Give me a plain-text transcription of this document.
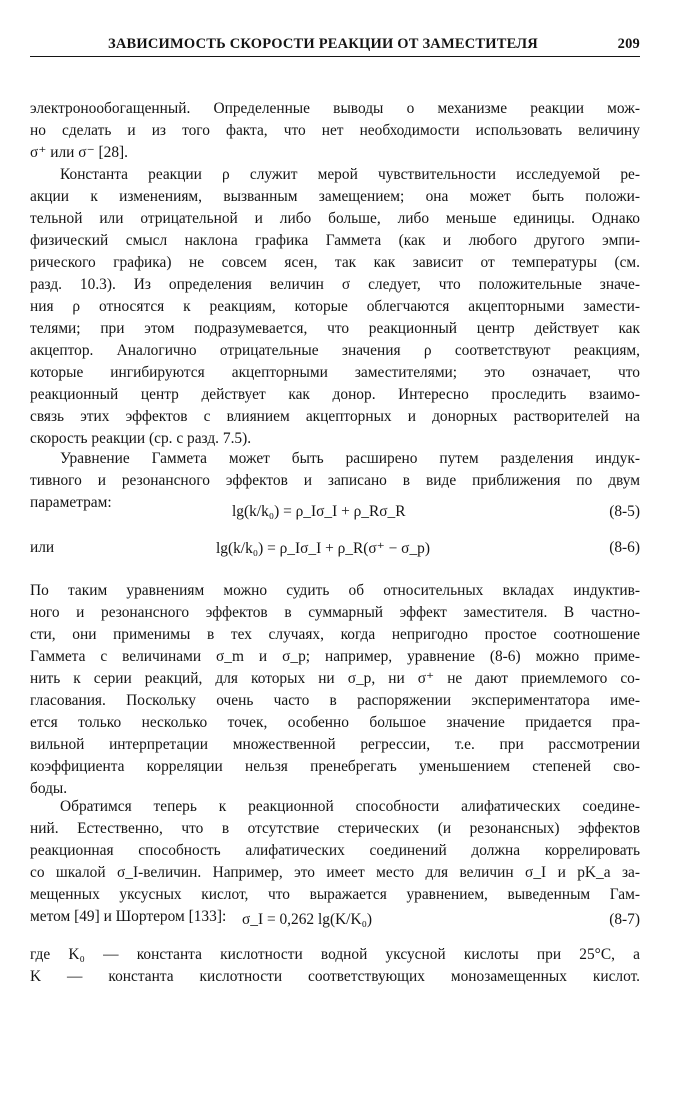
ЗАВИСИМОСТЬ СКОРОСТИ РЕАКЦИИ ОТ ЗАМЕСТИТЕЛЯ	209
электронообогащенный. Определенные выводы о механизме реакции мож-
но сделать и из того факта, что нет необходимости использовать величину
σ⁺ или σ⁻ [28].
Константа реакции ρ служит мерой чувствительности исследуемой ре-
акции к изменениям, вызванным замещением; она может быть положи-
тельной или отрицательной и либо больше, либо меньше единицы. Однако
физический смысл наклона графика Гаммета (как и любого другого эмпи-
рического графика) не совсем ясен, так как зависит от температуры (см.
разд. 10.3). Из определения величин σ следует, что положительные значе-
ния ρ относятся к реакциям, которые облегчаются акцепторными замести-
телями; при этом подразумевается, что реакционный центр действует как
акцептор. Аналогично отрицательные значения ρ соответствуют реакциям,
которые ингибируются акцепторными заместителями; это означает, что
реакционный центр действует как донор. Интересно проследить взаимо-
связь этих эффектов с влиянием акцепторных и донорных растворителей на
скорость реакции (ср. с разд. 7.5).
Уравнение Гаммета может быть расширено путем разделения индук-
тивного и резонансного эффектов и записано в виде приближения по двум
параметрам:
lg(k/k₀) = ρ_Iσ_I + ρ_Rσ_R	(8-5)
или	lg(k/k₀) = ρ_Iσ_I + ρ_R(σ⁺ − σ_p)	(8-6)
По таким уравнениям можно судить об относительных вкладах индуктив-
ного и резонансного эффектов в суммарный эффект заместителя. В частно-
сти, они применимы в тех случаях, когда непригодно простое соотношение
Гаммета с величинами σ_m и σ_p; например, уравнение (8-6) можно приме-
нить к серии реакций, для которых ни σ_p, ни σ⁺ не дают приемлемого со-
гласования. Поскольку очень часто в распоряжении экспериментатора име-
ется только несколько точек, особенно большое значение придается пра-
вильной интерпретации множественной регрессии, т.е. при рассмотрении
коэффициента корреляции нельзя пренебрегать уменьшением степеней сво-
боды.
Обратимся теперь к реакционной способности алифатических соедине-
ний. Естественно, что в отсутствие стерических (и резонансных) эффектов
реакционная способность алифатических соединений должна коррелировать
со шкалой σ_I-величин. Например, это имеет место для величин σ_I и pK_a за-
мещенных уксусных кислот, что выражается уравнением, выведенным Гам-
метом [49] и Шортером [133]:	σ_I = 0,262 lg(K/K₀)	(8-7)
где K₀ — константа кислотности водной уксусной кислоты при 25°C, а
K — константа кислотности соответствующих монозамещенных кислот.
